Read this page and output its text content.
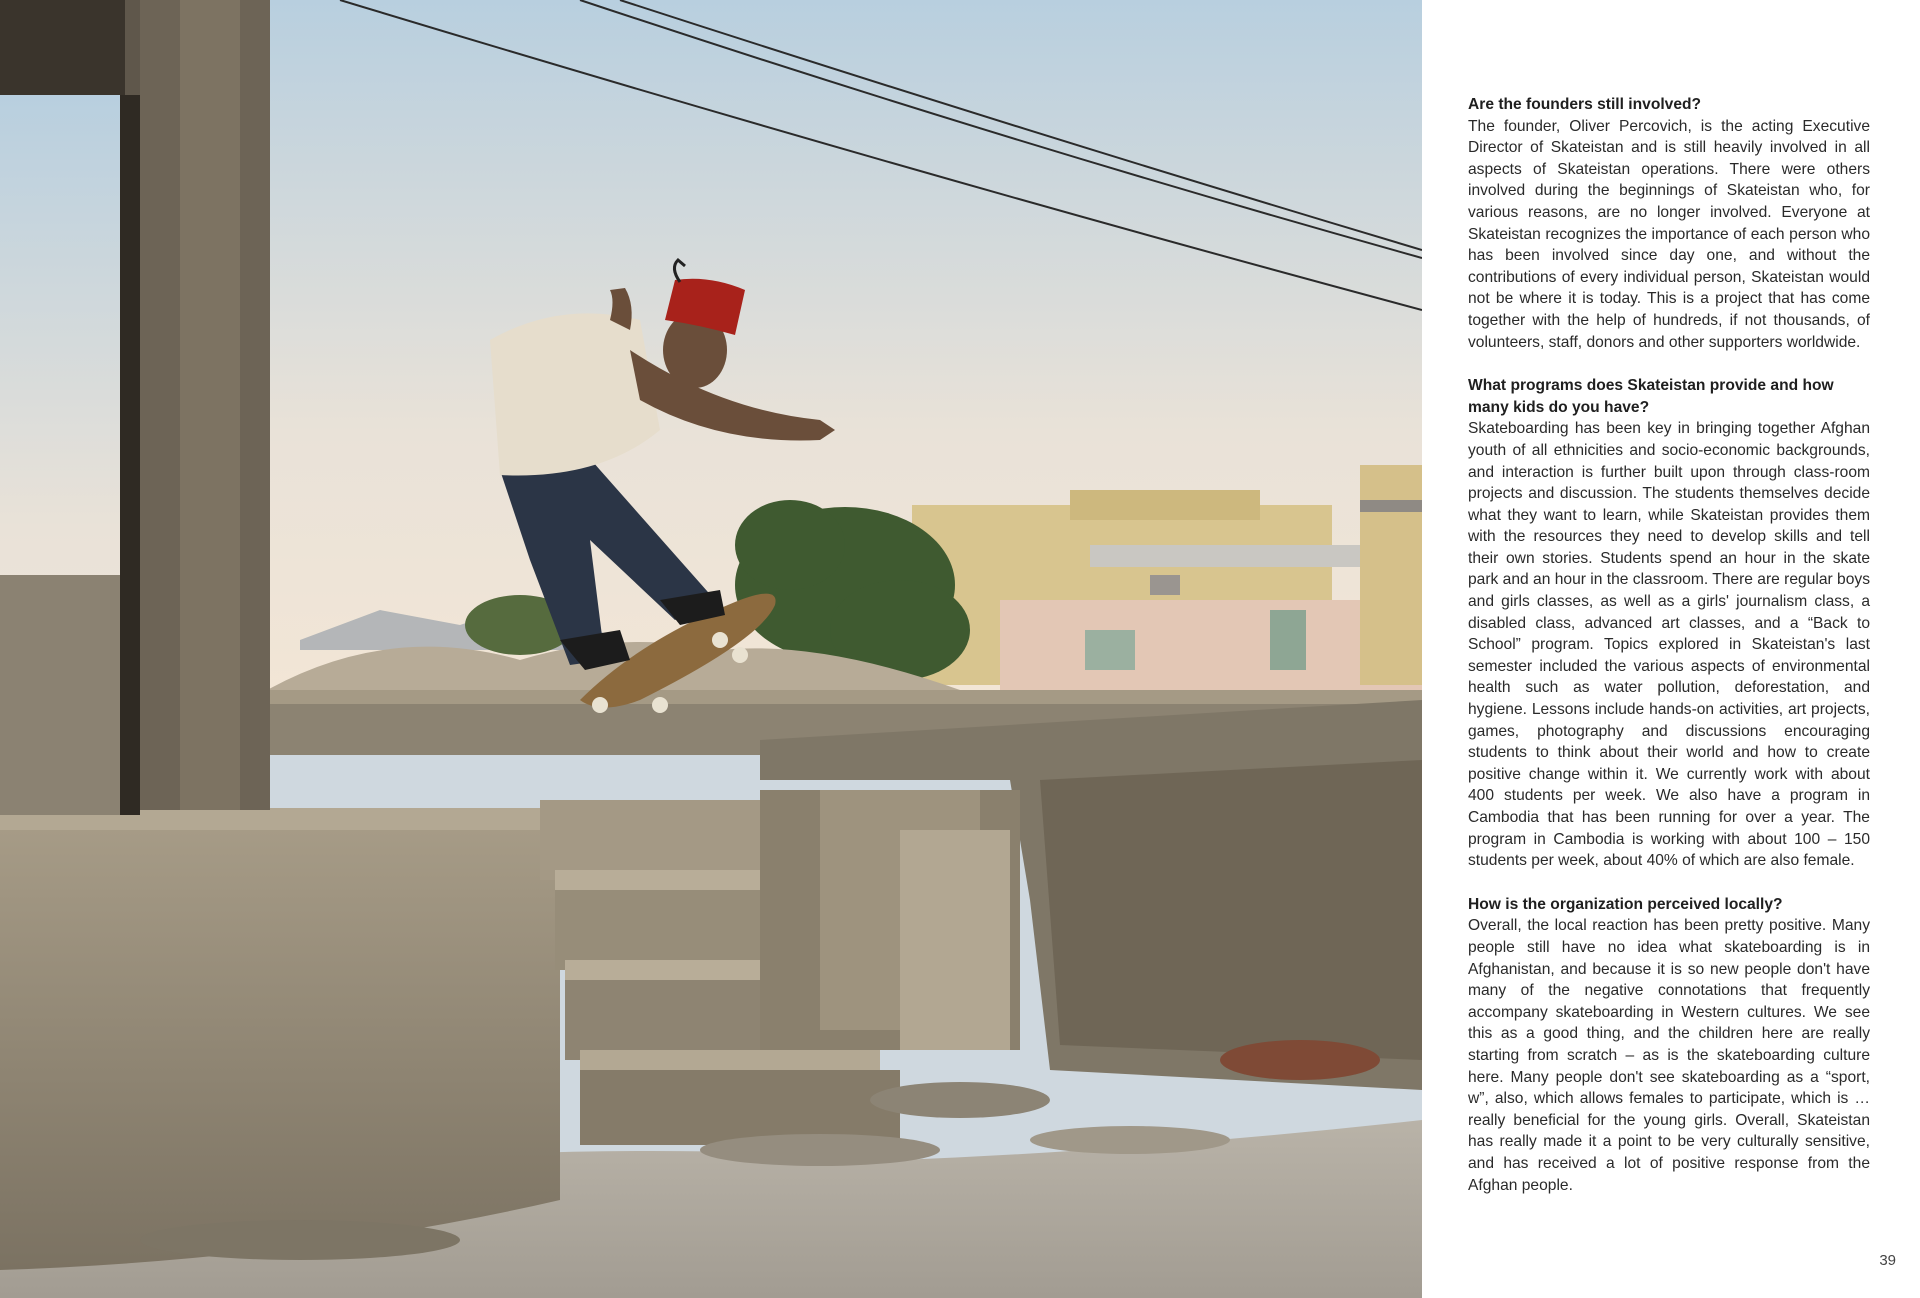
Are the founders still involved?

The founder, Oliver Percovich, is the acting Executive Director of Skateistan and is still heavily involved in all aspects of Skateistan operations. There were others involved during the beginnings of Skateistan who, for various reasons, are no longer involved. Everyone at Skateistan recognizes the importance of each person who has been involved since day one, and without the contributions of every individual person, Skateistan would not be where it is today. This is a project that has come together with the help of hundreds, if not thousands, of volunteers, staff, donors and other supporters worldwide.

What programs does Skateistan provide and how many kids do you have?

Skateboarding has been key in bringing together Afghan youth of all ethnicities and socio-economic backgrounds, and interaction is further built upon through class-room projects and discussion. The students themselves decide what they want to learn, while Skateistan provides them with the resources they need to develop skills and tell their own stories. Students spend an hour in the skate park and an hour in the classroom. There are regular boys and girls classes, as well as a girls' journalism class, a disabled class, advanced art classes, and a “Back to School” program. Topics explored in Skateistan's last semester included the various aspects of environmental health such as water pollution, deforestation, and hygiene. Lessons include hands-on activities, art projects, games, photography and discussions encouraging students to think about their world and how to create positive change within it. We currently work with about 400 students per week. We also have a program in Cambodia that has been running for over a year. The program in Cambodia is working with about 100 – 150 students per week, about 40% of which are also female.

How is the organization perceived locally?

Overall, the local reaction has been pretty positive. Many people still have no idea what skateboarding is in Afghanistan, and because it is so new people don't have many of the negative connotations that frequently accompany skateboarding in Western cultures. We see this as a good thing, and the children here are really starting from scratch – as is the skateboarding culture here. Many people don't see skateboarding as a “sport, w”, also, which allows females to participate, which is … really beneficial for the young girls. Overall, Skateistan has really made it a point to be very culturally sensitive, and has received a lot of positive response from the Afghan people.

39
